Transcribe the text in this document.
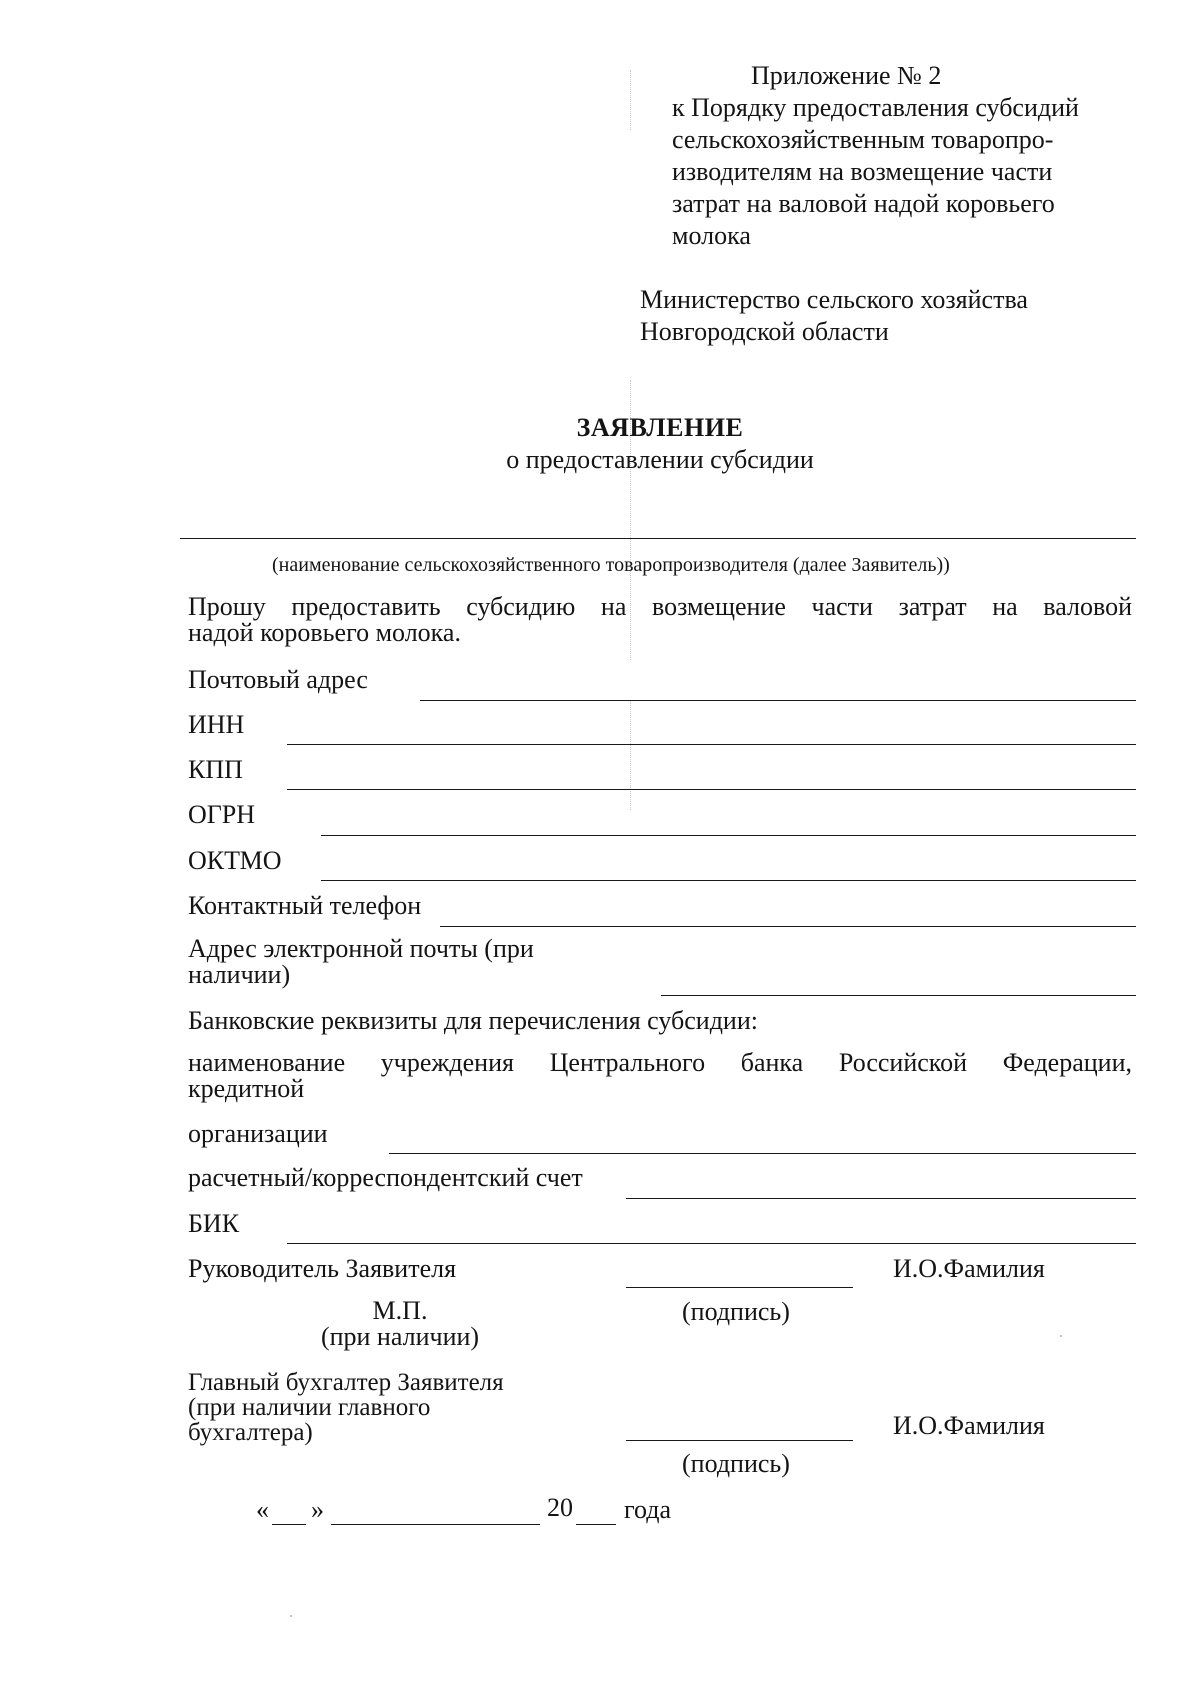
Приложение № 2
к Порядку предоставления субсидий
сельскохозяйственным товаропро-
изводителям на возмещение части
затрат на валовой надой коровьего
молока
Министерство сельского хозяйства
Новгородской области
ЗАЯВЛЕНИЕ
о предоставлении субсидии
(наименование сельскохозяйственного товаропроизводителя (далее Заявитель))
Прошу предоставить субсидию на возмещение части затрат на валовой
надой коровьего молока.
Почтовый адрес
ИНН
КПП
ОГРН
ОКТМО
Контактный телефон
Адрес электронной почты (при
наличии)
Банковские реквизиты для перечисления субсидии:
наименование учреждения Центрального банка Российской Федерации,
кредитной
организации
расчетный/корреспондентский счет
БИК
Руководитель Заявителя	И.О.Фамилия
(подпись)
М.П.
(при наличии)
Главный бухгалтер Заявителя
(при наличии главного
бухгалтера)	И.О.Фамилия
(подпись)
« »	20 года
